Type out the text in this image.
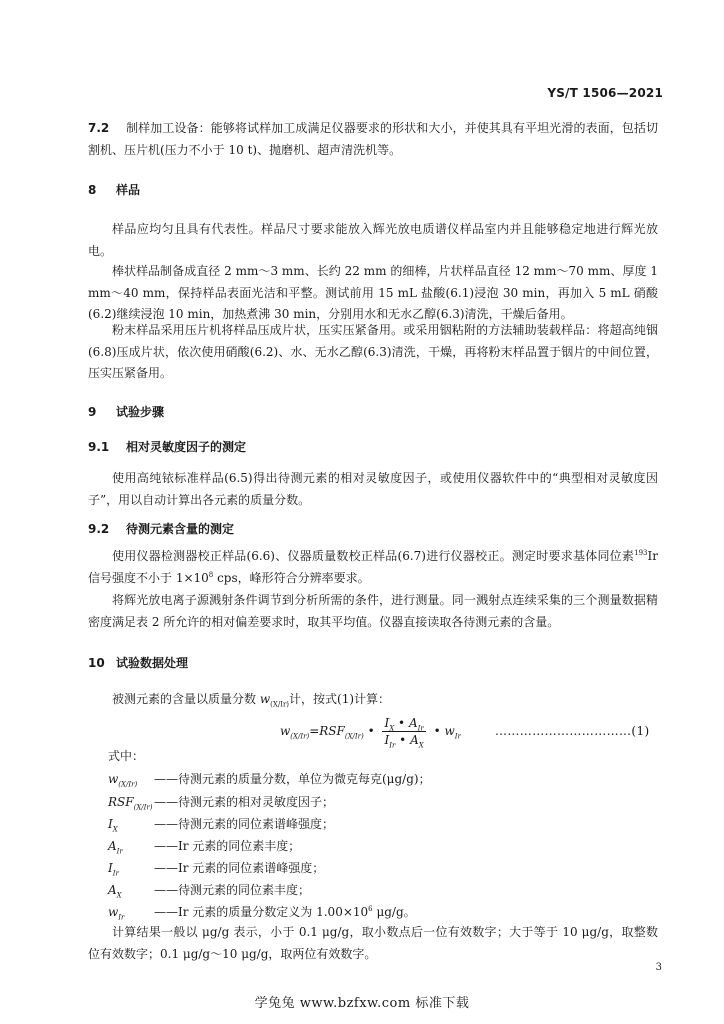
YS/T 1506—2021
7.2 制样加工设备：能够将试样加工成满足仪器要求的形状和大小，并使其具有平坦光滑的表面，包括切割机、压片机(压力不小于 10 t)、抛磨机、超声清洗机等。
8 样品
样品应均匀且具有代表性。样品尺寸要求能放入辉光放电质谱仪样品室内并且能够稳定地进行辉光放电。
棒状样品制备成直径 2 mm～3 mm、长约 22 mm 的细棒，片状样品直径 12 mm～70 mm、厚度 1 mm～40 mm，保持样品表面光洁和平整。测试前用 15 mL 盐酸(6.1)浸泡 30 min，再加入 5 mL 硝酸(6.2)继续浸泡 10 min，加热煮沸 30 min，分别用水和无水乙醇(6.3)清洗，干燥后备用。
粉末样品采用压片机将样品压成片状，压实压紧备用。或采用铟粘附的方法辅助装载样品：将超高纯铟(6.8)压成片状，依次使用硝酸(6.2)、水、无水乙醇(6.3)清洗，干燥，再将粉末样品置于铟片的中间位置，压实压紧备用。
9 试验步骤
9.1 相对灵敏度因子的测定
使用高纯铱标准样品(6.5)得出待测元素的相对灵敏度因子，或使用仪器软件中的“典型相对灵敏度因子”，用以自动计算出各元素的质量分数。
9.2 待测元素含量的测定
使用仪器检测器校正样品(6.6)、仪器质量数校正样品(6.7)进行仪器校正。测定时要求基体同位素$^{193}$Ir 信号强度不小于 $1\times 10^8$ cps，峰形符合分辨率要求。
将辉光放电离子源溅射条件调节到分析所需的条件，进行测量。同一溅射点连续采集的三个测量数据精密度满足表 2 所允许的相对偏差要求时，取其平均值。仪器直接读取各待测元素的含量。
10 试验数据处理
被测元素的含量以质量分数 $w_{(X/Ir)}$计，按式(1)计算：
$w_{(X/Ir)}=RSF_{(X/Ir)}$ • $\frac{I_X • A_{Ir}}{I_{Ir} • A_X}$ • $w_{Ir}$	……………………………(1)
式中：
$w_{(X/Ir)}$ ——待测元素的质量分数，单位为微克每克(μg/g)；
$RSF_{(X/Ir)}——$待测元素的相对灵敏度因子；
$I_X$	——待测元素的同位素谱峰强度；
$A_{Ir}$	——Ir 元素的同位素丰度；
$I_{Ir}$	——Ir 元素的同位素谱峰强度；
$A_X$	——待测元素的同位素丰度；
$w_{Ir}$ ——Ir 元素的质量分数定义为 $1.00\times 10^6$ μg/g。
计算结果一般以 μg/g 表示，小于 0.1 μg/g，取小数点后一位有效数字；大于等于 10 μg/g，取整数位有效数字；0.1 μg/g～10 μg/g，取两位有效数字。
3
学兔兔 www.bzfxw.com 标准下载
